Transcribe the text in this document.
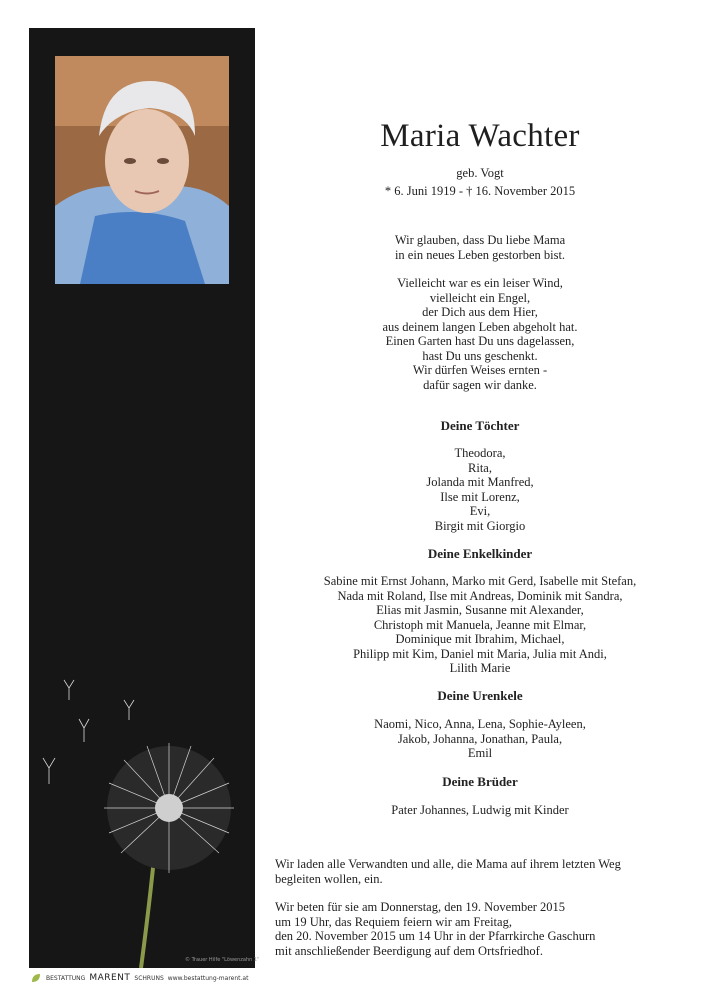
© Trauer Hilfe "Löwenzahn 1"
BESTATTUNG MARENT SCHRUNS www.bestattung-marent.at
Maria Wachter
geb. Vogt
* 6. Juni 1919 - † 16. November 2015
Wir glauben, dass Du liebe Mama
in ein neues Leben gestorben bist.
Vielleicht war es ein leiser Wind,
vielleicht ein Engel,
der Dich aus dem Hier,
aus deinem langen Leben abgeholt hat.
Einen Garten hast Du uns dagelassen,
hast Du uns geschenkt.
Wir dürfen Weises ernten -
dafür sagen wir danke.
Deine Töchter
Theodora,
Rita,
Jolanda mit Manfred,
Ilse mit Lorenz,
Evi,
Birgit mit Giorgio
Deine Enkelkinder
Sabine mit Ernst Johann, Marko mit Gerd, Isabelle mit Stefan,
Nada mit Roland, Ilse mit Andreas, Dominik mit Sandra,
Elias mit Jasmin, Susanne mit Alexander,
Christoph mit Manuela, Jeanne mit Elmar,
Dominique mit Ibrahim, Michael,
Philipp mit Kim, Daniel mit Maria, Julia mit Andi,
Lilith Marie
Deine Urenkele
Naomi, Nico, Anna, Lena, Sophie-Ayleen,
Jakob, Johanna, Jonathan, Paula,
Emil
Deine Brüder
Pater Johannes, Ludwig mit Kinder
Wir laden alle Verwandten und alle, die Mama auf ihrem letzten Weg
begleiten wollen, ein.
Wir beten für sie am Donnerstag, den 19. November 2015
um 19 Uhr, das Requiem feiern wir am Freitag,
den 20. November 2015 um 14 Uhr in der Pfarrkirche Gaschurn
mit anschließender Beerdigung auf dem Ortsfriedhof.
